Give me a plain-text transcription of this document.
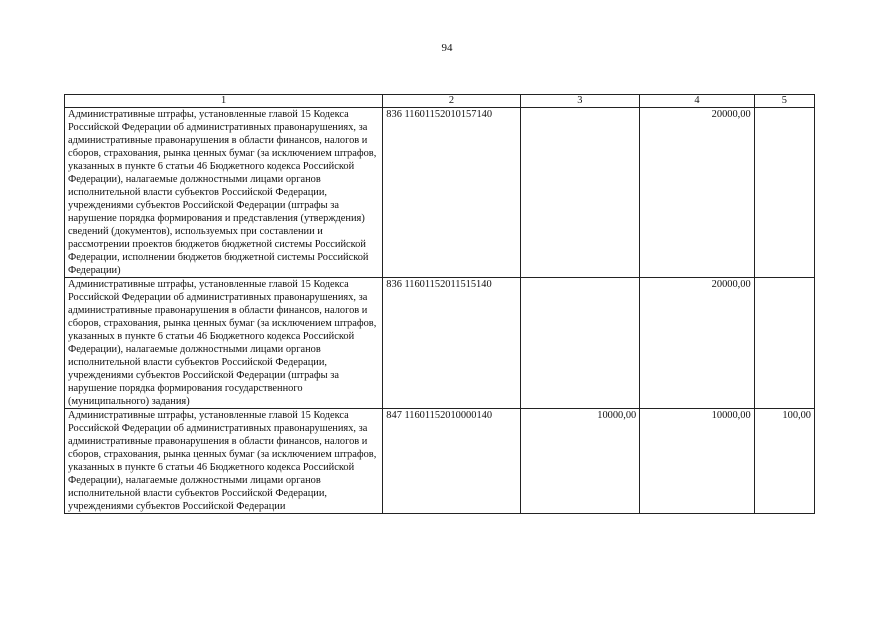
94
1	2	3	4	5
Административные штрафы, установленные главой 15 Кодекса Российской Федерации об административных правонарушениях, за административные правонарушения в области финансов, налогов и сборов, страхования, рынка ценных бумаг (за исключением штрафов, указанных в пункте 6 статьи 46 Бюджетного кодекса Российской Федерации), налагаемые должностными лицами органов исполнительной власти субъектов Российской Федерации, учреждениями субъектов Российской Федерации (штрафы за нарушение порядка формирования и представления (утверждения) сведений (документов), используемых при составлении и рассмотрении проектов бюджетов бюджетной системы Российской Федерации, исполнении бюджетов бюджетной системы Российской Федерации)	836 11601152010157140		20000,00	
Административные штрафы, установленные главой 15 Кодекса Российской Федерации об административных правонарушениях, за административные правонарушения в области финансов, налогов и сборов, страхования, рынка ценных бумаг (за исключением штрафов, указанных в пункте 6 статьи 46 Бюджетного кодекса Российской Федерации), налагаемые должностными лицами органов исполнительной власти субъектов Российской Федерации, учреждениями субъектов Российской Федерации (штрафы за нарушение порядка формирования государственного (муниципального) задания)	836 11601152011515140		20000,00	
Административные штрафы, установленные главой 15 Кодекса Российской Федерации об административных правонарушениях, за административные правонарушения в области финансов, налогов и сборов, страхования, рынка ценных бумаг (за исключением штрафов, указанных в пункте 6 статьи 46 Бюджетного кодекса Российской Федерации), налагаемые должностными лицами органов исполнительной власти субъектов Российской Федерации, учреждениями субъектов Российской Федерации	847 11601152010000140	10000,00	10000,00	100,00
